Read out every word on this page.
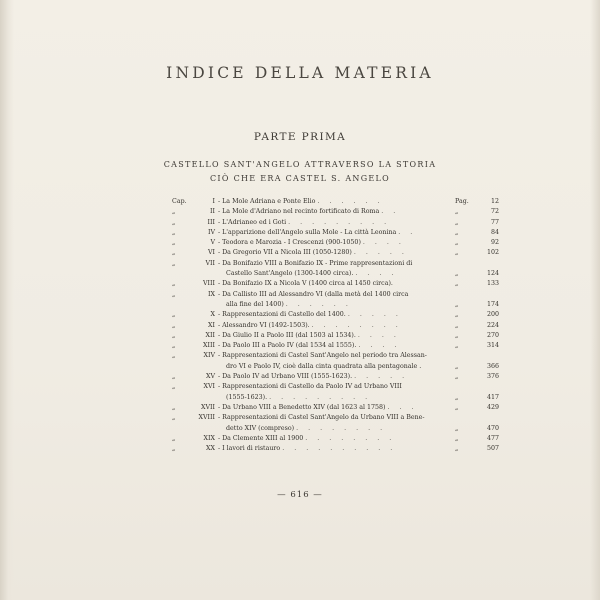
INDICE DELLA MATERIA
PARTE PRIMA
CASTELLO SANT'ANGELO ATTRAVERSO LA STORIA
CIÒ CHE ERA CASTEL S. ANGELO
Cap.	I - La Mole Adriana e Ponte Elio . . . . . .	Pag.	12
„	II - La Mole d'Adriano nel recinto fortificato di Roma . .	„	72
„	III - L'Adrianeo ed i Goti . . . . . . . . .	„	77
„	IV - L'apparizione dell'Angelo sulla Mole - La città Leonina . .	„	84
„	V - Teodora e Marozia - I Crescenzi (900-1050) . . . .	„	92
„	VI - Da Gregorio VII a Nicola III (1050-1280) . . . . .	„	102
„	VII - Da Bonifazio VIII a Bonifazio IX - Prime rappresentazioni di
Castello Sant'Angelo (1300-1400 circa). . . . .	„	124
„	VIII - Da Bonifazio IX a Nicola V (1400 circa al 1450 circa).	„	133
„	IX - Da Callisto III ad Alessandro VI (dalla metà del 1400 circa
alla fine del 1400) . . . . . .	„	174
„	X - Rappresentazioni di Castello del 1400. . . . . .	„	200
„	XI - Alessandro VI (1492-1503). . . . . . . . .	„	224
„	XII - Da Giulio II a Paolo III (dal 1503 al 1534). . . . .	„	270
„	XIII - Da Paolo III a Paolo IV (dal 1534 al 1555). . . . .	„	314
„	XIV - Rappresentazioni di Castel Sant'Angelo nel periodo tra Alessan-
dro VI e Paolo IV, cioè dalla cinta quadrata alla pentagonale .	„	366
„	XV - Da Paolo IV ad Urbano VIII (1555-1623). . . . . .	„	376
„	XVI - Rappresentazioni di Castello da Paolo IV ad Urbano VIII
(1555-1623). . . . . . . . . .	„	417
„	XVII - Da Urbano VIII a Benedetto XIV (dal 1623 al 1758) . . .	„	429
„	XVIII - Rappresentazioni di Castel Sant'Angelo da Urbano VIII a Bene-
detto XIV (compreso) . . . . . . . .	„	470
„	XIX - Da Clemente XIII al 1900 . . . . . . . .	„	477
„	XX - I lavori di ristauro . . . . . . . . . .	„	507
— 616 —
